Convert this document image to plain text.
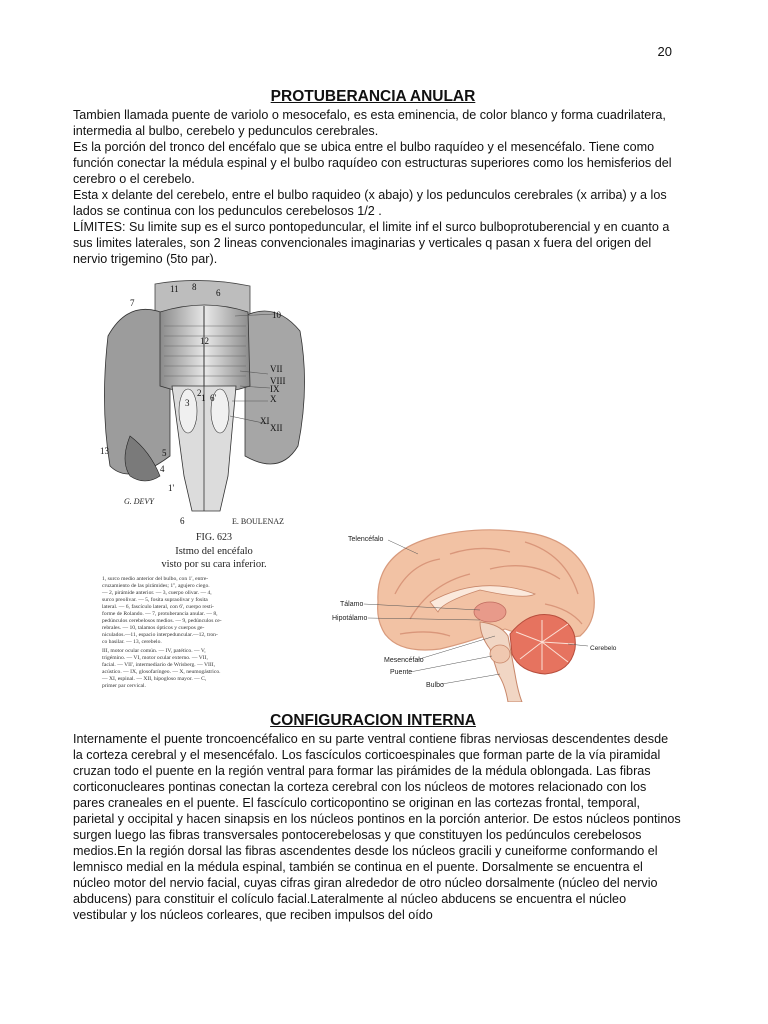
20
PROTUBERANCIA ANULAR

Tambien llamada puente de variolo o mesocefalo, es esta eminencia, de color blanco y forma cuadrilatera, intermedia al bulbo, cerebelo y pedunculos cerebrales.

Es la porción del tronco del encéfalo que se ubica entre el bulbo raquídeo y el mesencéfalo. Tiene como función conectar la médula espinal y el bulbo raquídeo con estructuras superiores como los hemisferios del cerebro o el cerebelo.

Esta x delante del cerebelo, entre el bulbo raquideo (x abajo) y los pedunculos cerebrales (x arriba) y a los lados se continua con los pedunculos cerebelosos 1/2 .

LÍMITES: Su limite sup es el surco pontopeduncular, el limite inf el surco bulboprotuberencial y en cuanto a sus limites laterales, son 2 lineas convencionales imaginarias y verticales q pasan x fuera del origen del nervio trigemino (5to par).

11 8
7
6
10
12
2
3 1 6'
VII
VIII
IX
X
XI
XII
13	5
4
1'
6
G. DEVY
E. BOULENAZ
FIG. 623
Istmo del encéfalo
visto por su cara inferior.
1, surco medio anterior del bulbo, con 1', entre-
cruzamiento de las pirámides; 1'', agujero ciego.
— 2, pirámide anterior. — 3, cuerpo olivar. — 4,
surco preolivar. — 5, fosita supraolivar y fosita
lateral. — 6, fascículo lateral, con 6', cuerpo resti-
forme de Rolando. — 7, protuberancia anular. — 8,
pedúnculos cerebelosos medios. — 9, pedúnculos ce-
rebrales. — 10, talamos ópticos y cuerpos ge-
niculados.—11, espacio interpeduncular.—12, tron-
co basilar. — 13, cerebelo.
III, motor ocular común. — IV, patético. — V,
trigémino. — VI, motor ocular externo. — VII,
facial. — VII', intermediario de Wrisberg. — VIII,
acústico. — IX, glosofaríngeo. — X, neumogástrico.
— XI, espinal. — XII, hipogloso mayor. — C,
primer par cervical.
Telencéfalo
Tálamo
Hipotálamo
Mesencéfalo
Puente
Bulbo
Cerebelo
CONFIGURACION INTERNA

Internamente el puente troncoencéfalico en su parte ventral contiene fibras nerviosas descendentes desde la corteza cerebral y el mesencéfalo. Los fascículos corticoespinales que forman parte de la vía piramidal cruzan todo el puente en la región ventral para formar las pirámides de la médula oblongada. Las fibras corticonucleares pontinas conectan la corteza cerebral con los núcleos de motores relacionado con los pares craneales en el puente. El fascículo corticopontino se originan en las cortezas frontal, temporal, parietal y occipital y hacen sinapsis en los núcleos pontinos en la porción anterior. De estos núcleos pontinos surgen luego las fibras transversales pontocerebelosas y que constituyen los pedúnculos cerebelosos medios.En la región dorsal las fibras ascendentes desde los núcleos gracili y cuneiforme conformando el lemnisco medial en la médula espinal, también se continua en el puente. Dorsalmente se encuentra el núcleo motor del nervio facial, cuyas cifras giran alrededor de otro núcleo dorsalmente (núcleo del nervio abducens) para constituir el colículo facial.Lateralmente al núcleo abducens se encuentra el núcleo vestibular y los núcleos corleares, que reciben impulsos del oído
